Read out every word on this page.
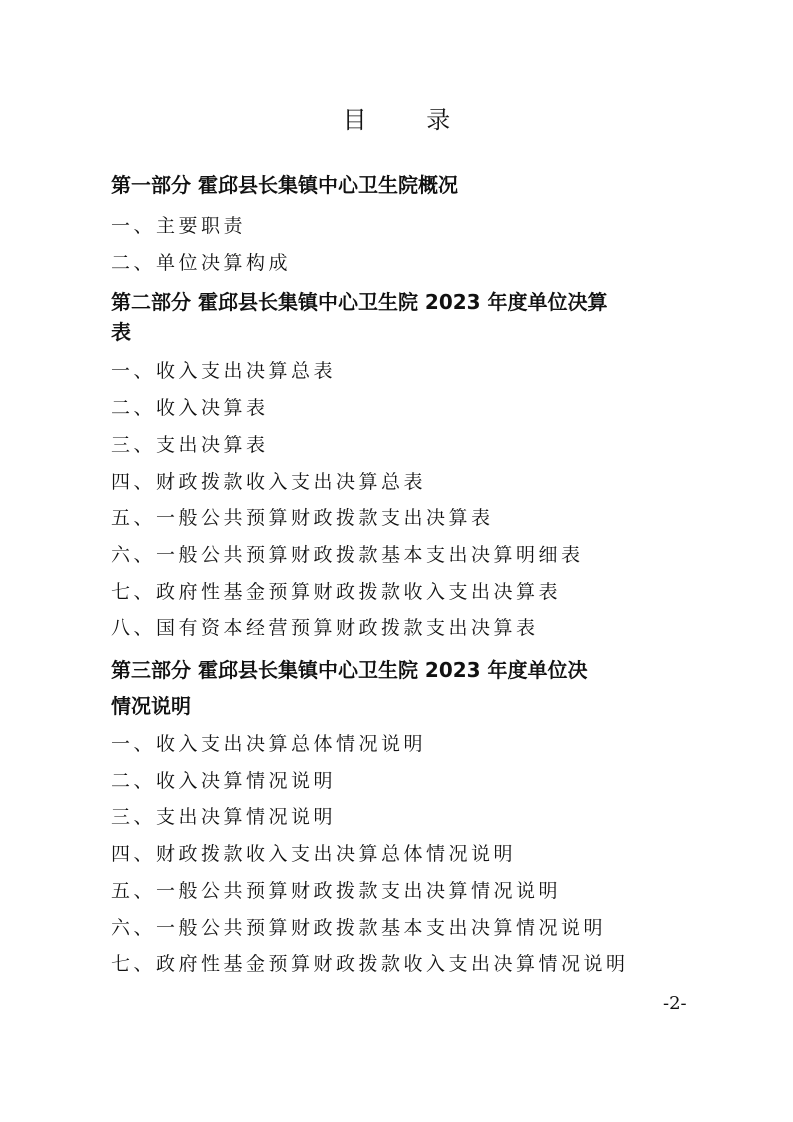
目 录

第一部分 霍邱县长集镇中心卫生院概况

一、主要职责

二、单位决算构成

第二部分 霍邱县长集镇中心卫生院 2023 年度单位决算
表

一、收入支出决算总表

二、收入决算表

三、支出决算表

四、财政拨款收入支出决算总表

五、一般公共预算财政拨款支出决算表

六、一般公共预算财政拨款基本支出决算明细表

七、政府性基金预算财政拨款收入支出决算表

八、国有资本经营预算财政拨款支出决算表

第三部分 霍邱县长集镇中心卫生院 2023 年度单位决
情况说明

一、收入支出决算总体情况说明

二、收入决算情况说明

三、支出决算情况说明

四、财政拨款收入支出决算总体情况说明

五、一般公共预算财政拨款支出决算情况说明

六、一般公共预算财政拨款基本支出决算情况说明

七、政府性基金预算财政拨款收入支出决算情况说明

-2-
